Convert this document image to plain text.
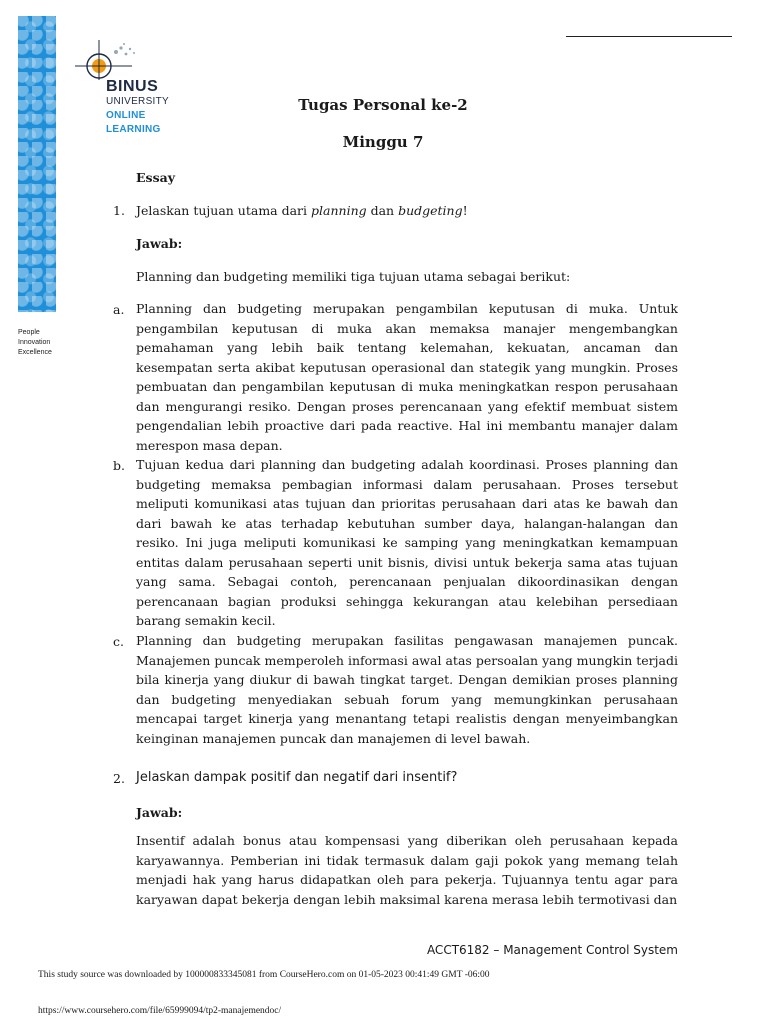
People
Innovation
Excellence
BINUS
UNIVERSITY
ONLINE
LEARNING
Tugas Personal ke-2
Minggu 7
Essay
1. Jelaskan tujuan utama dari planning dan budgeting!
Jawab:
Planning dan budgeting memiliki tiga tujuan utama sebagai berikut:
a. Planning dan budgeting merupakan pengambilan keputusan di muka. Untuk pengambilan keputusan di muka akan memaksa manajer mengembangkan pemahaman yang lebih baik tentang kelemahan, kekuatan, ancaman dan kesempatan serta akibat keputusan operasional dan stategik yang mungkin. Proses pembuatan dan pengambilan keputusan di muka meningkatkan respon perusahaan dan mengurangi resiko. Dengan proses perencanaan yang efektif membuat sistem pengendalian lebih proactive dari pada reactive. Hal ini membantu manajer dalam merespon masa depan.
b. Tujuan kedua dari planning dan budgeting adalah koordinasi. Proses planning dan budgeting memaksa pembagian informasi dalam perusahaan. Proses tersebut meliputi komunikasi atas tujuan dan prioritas perusahaan dari atas ke bawah dan dari bawah ke atas terhadap kebutuhan sumber daya, halangan-halangan dan resiko. Ini juga meliputi komunikasi ke samping yang meningkatkan kemampuan entitas dalam perusahaan seperti unit bisnis, divisi untuk bekerja sama atas tujuan yang sama. Sebagai contoh, perencanaan penjualan dikoordinasikan dengan perencanaan bagian produksi sehingga kekurangan atau kelebihan persediaan barang semakin kecil.
c. Planning dan budgeting merupakan fasilitas pengawasan manajemen puncak. Manajemen puncak memperoleh informasi awal atas persoalan yang mungkin terjadi bila kinerja yang diukur di bawah tingkat target. Dengan demikian proses planning dan budgeting menyediakan sebuah forum yang memungkinkan perusahaan mencapai target kinerja yang menantang tetapi realistis dengan menyeimbangkan keinginan manajemen puncak dan manajemen di level bawah.
2. Jelaskan dampak positif dan negatif dari insentif?
Jawab:
Insentif adalah bonus atau kompensasi yang diberikan oleh perusahaan kepada karyawannya. Pemberian ini tidak termasuk dalam gaji pokok yang memang telah menjadi hak yang harus didapatkan oleh para pekerja. Tujuannya tentu agar para karyawan dapat bekerja dengan lebih maksimal karena merasa lebih termotivasi dan
ACCT6182 – Management Control System
This study source was downloaded by 100000833345081 from CourseHero.com on 01-05-2023 00:41:49 GMT -06:00
https://www.coursehero.com/file/65999094/tp2-manajemendoc/
